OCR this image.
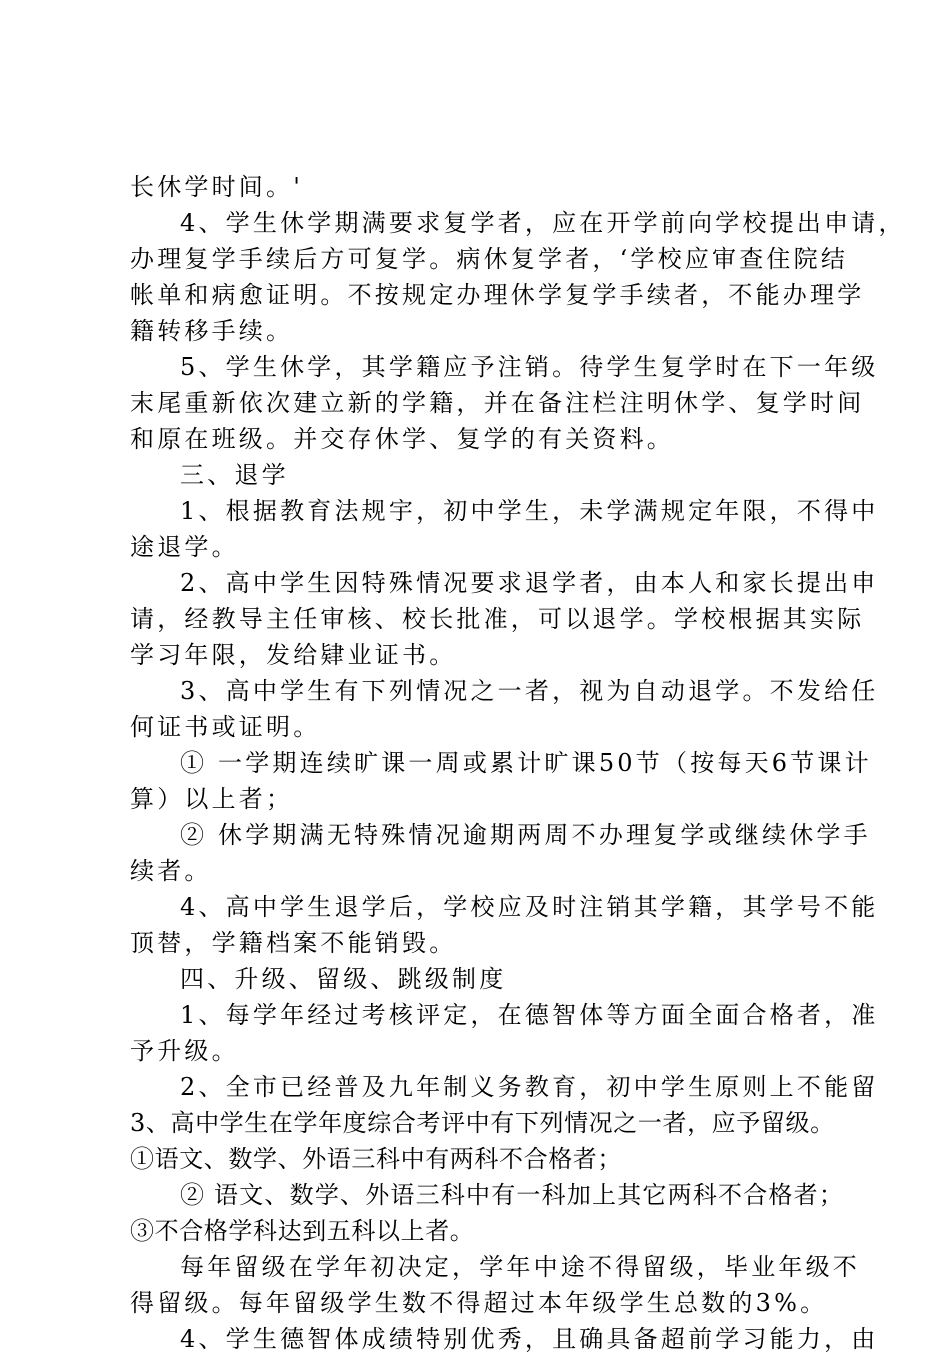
长休学时间。'
4、学生休学期满要求复学者，应在开学前向学校提出申请，
办理复学手续后方可复学。病休复学者，‘学校应审查住院结
帐单和病愈证明。不按规定办理休学复学手续者，不能办理学
籍转移手续。
5、学生休学，其学籍应予注销。待学生复学时在下一年级
末尾重新依次建立新的学籍，并在备注栏注明休学、复学时间
和原在班级。并交存休学、复学的有关资料。
三、退学
1、根据教育法规宇，初中学生，未学满规定年限，不得中
途退学。
2、高中学生因特殊情况要求退学者，由本人和家长提出申
请，经教导主任审核、校长批准，可以退学。学校根据其实际
学习年限，发给肄业证书。
3、高中学生有下列情况之一者，视为自动退学。不发给任
何证书或证明。
① 一学期连续旷课一周或累计旷课50节（按每天6节课计
算）以上者；
② 休学期满无特殊情况逾期两周不办理复学或继续休学手
续者。
4、高中学生退学后，学校应及时注销其学籍，其学号不能
顶替，学籍档案不能销毁。
四、升级、留级、跳级制度
1、每学年经过考核评定，在德智体等方面全面合格者，准
予升级。
2、全市已经普及九年制义务教育，初中学生原则上不能留
3、高中学生在学年度综合考评中有下列情况之一者，应予留级。
①语文、数学、外语三科中有两科不合格者；
② 语文、数学、外语三科中有一科加上其它两科不合格者；
③不合格学科达到五科以上者。
每年留级在学年初决定，学年中途不得留级，毕业年级不
得留级。每年留级学生数不得超过本年级学生总数的3%。
4、学生德智体成绩特别优秀，且确具备超前学习能力，由
